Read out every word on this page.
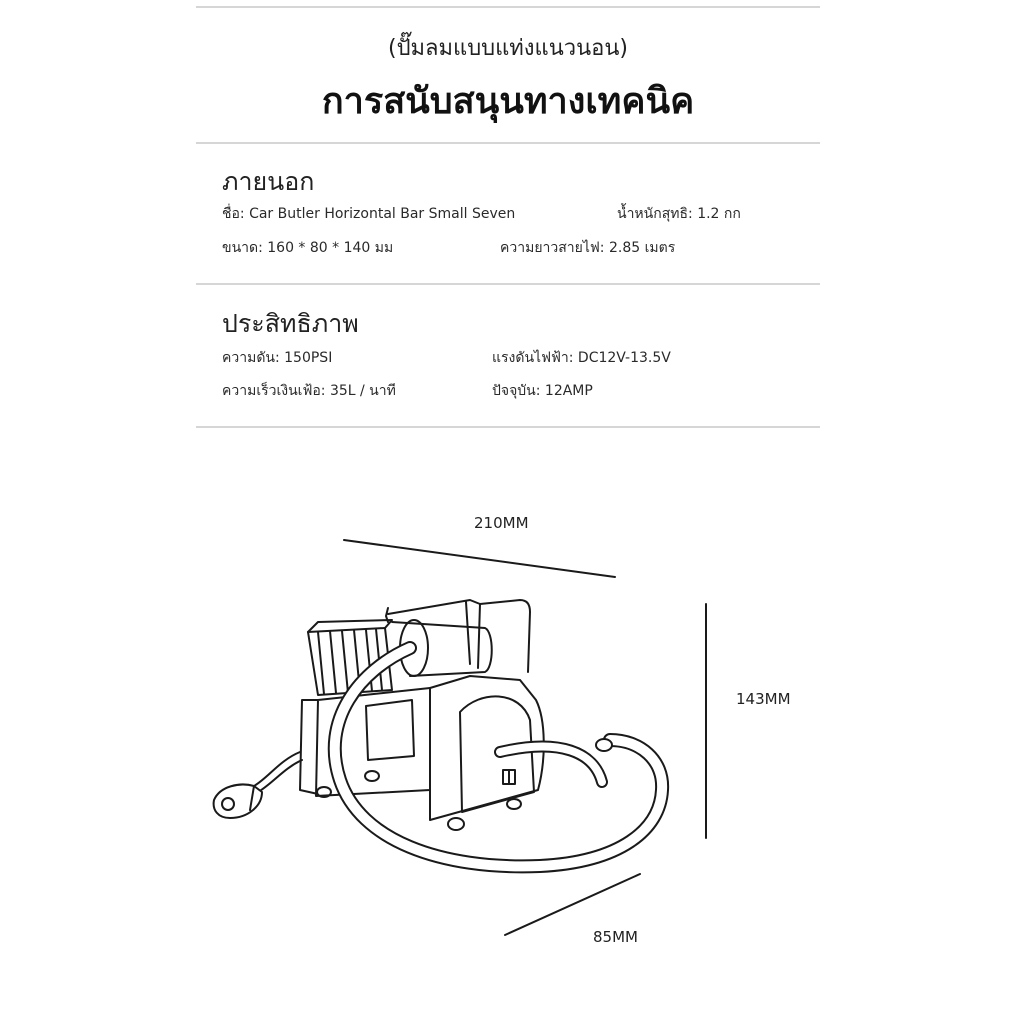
(ปั๊มลมแบบแท่งแนวนอน)
การสนับสนุนทางเทคนิค
ภายนอก
ชื่อ: Car Butler Horizontal Bar Small Seven	น้ำหนักสุทธิ: 1.2 กก
ขนาด: 160 * 80 * 140 มม	ความยาวสายไฟ: 2.85 เมตร
ประสิทธิภาพ
ความดัน: 150PSI	แรงดันไฟฟ้า: DC12V-13.5V
ความเร็วเงินเฟ้อ: 35L / นาที	ปัจจุบัน: 12AMP
210MM
143MM
85MM
